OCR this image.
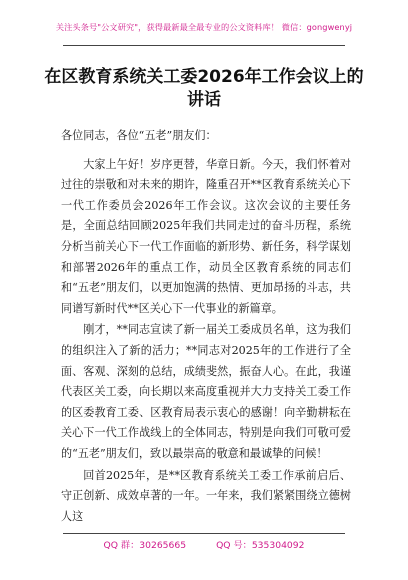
关注头条号"公文研究"，获得最新最全最专业的公文资料库！ 微信：gongwenyj
在区教育系统关工委2026年工作会议上的讲话

各位同志，各位“五老”朋友们：

大家上午好！岁序更替，华章日新。今天，我们怀着对过往的崇敬和对未来的期许，隆重召开**区教育系统关心下一代工作委员会2026年工作会议。这次会议的主要任务是，全面总结回顾2025年我们共同走过的奋斗历程，系统分析当前关心下一代工作面临的新形势、新任务，科学谋划和部署2026年的重点工作，动员全区教育系统的同志们和“五老”朋友们，以更加饱满的热情、更加昂扬的斗志，共同谱写新时代**区关心下一代事业的新篇章。

刚才，**同志宣读了新一届关工委成员名单，这为我们的组织注入了新的活力；**同志对2025年的工作进行了全面、客观、深刻的总结，成绩斐然，振奋人心。在此，我谨代表区关工委，向长期以来高度重视并大力支持关工委工作的区委教育工委、区教育局表示衷心的感谢！向辛勤耕耘在关心下一代工作战线上的全体同志，特别是向我们可敬可爱的“五老”朋友们，致以最崇高的敬意和最诚挚的问候！

回首2025年，是**区教育系统关工委工作承前启后、守正创新、成效卓著的一年。一年来，我们紧紧围绕立德树人这

QQ 群：30265665	QQ 号：535304092
